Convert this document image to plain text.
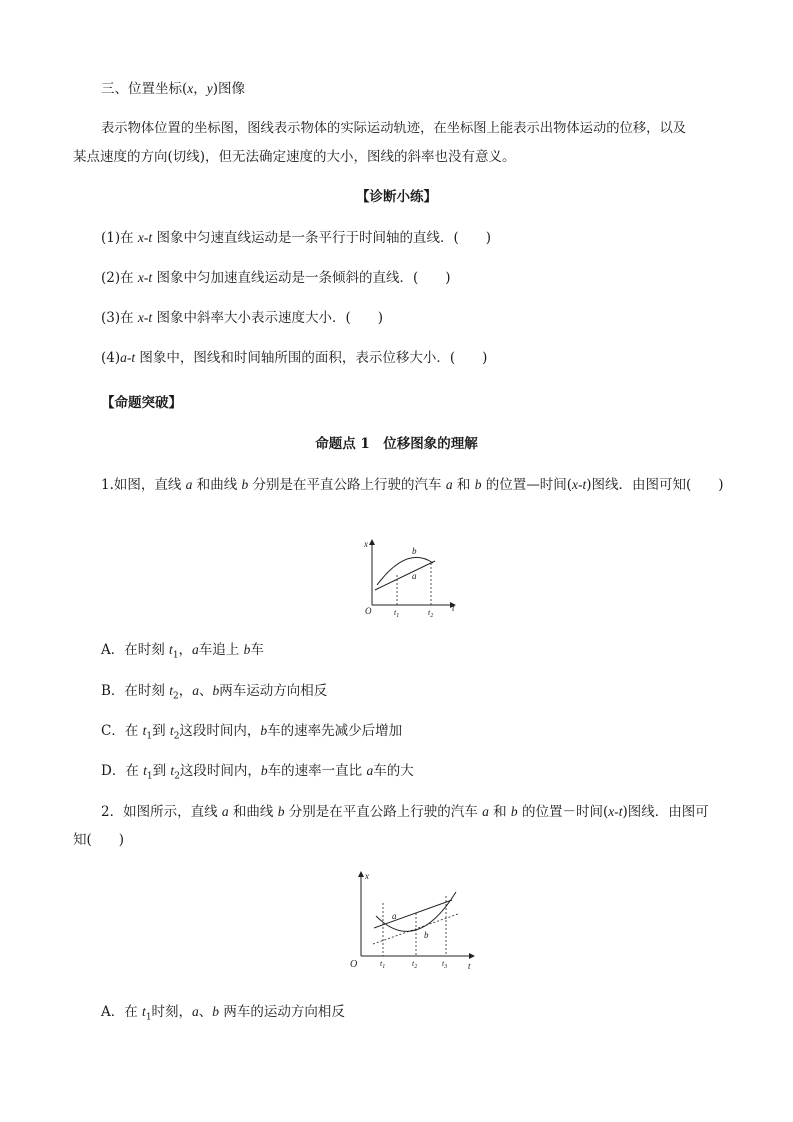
三、位置坐标(x，y)图像
表示物体位置的坐标图，图线表示物体的实际运动轨迹，在坐标图上能表示出物体运动的位移，以及
某点速度的方向(切线)，但无法确定速度的大小，图线的斜率也没有意义。
【诊断小练】
(1)在 x-t 图象中匀速直线运动是一条平行于时间轴的直线．(　　)
(2)在 x-t 图象中匀加速直线运动是一条倾斜的直线．(　　)
(3)在 x-t 图象中斜率大小表示速度大小．(　　)
(4)a-t 图象中，图线和时间轴所围的面积，表示位移大小．(　　)
【命题突破】
命题点 1　位移图象的理解
1.如图，直线 a 和曲线 b 分别是在平直公路上行驶的汽车 a 和 b 的位置—时间(x-t)图线．由图可知(　　)
x
t
O	$t_1$	$t_2$
b
a
A．在时刻 $t_1$，a车追上 b车
B．在时刻 $t_2$，a、b两车运动方向相反
C．在 $t_1$到 $t_2$这段时间内，b车的速率先减少后增加
D．在 $t_1$到 $t_2$这段时间内，b车的速率一直比 a车的大
2．如图所示，直线 a 和曲线 b 分别是在平直公路上行驶的汽车 a 和 b 的位置－时间(x-t)图线．由图可
知(　　)
x
t
O	$t_1$	$t_2$	$t_3$
a
b
A．在 $t_1$时刻，a、b 两车的运动方向相反
